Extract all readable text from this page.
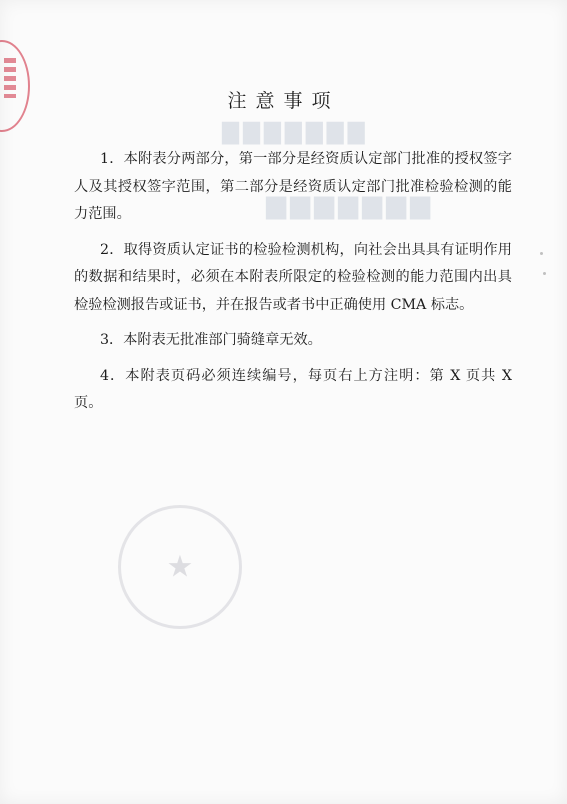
▇▇▇▇▇▇▇
▆▆▆▆▆▆▆
★
注意事项

1．本附表分两部分，第一部分是经资质认定部门批准的授权签字人及其授权签字范围，第二部分是经资质认定部门批准检验检测的能力范围。

2．取得资质认定证书的检验检测机构，向社会出具具有证明作用的数据和结果时，必须在本附表所限定的检验检测的能力范围内出具检验检测报告或证书，并在报告或者书中正确使用 CMA 标志。

3．本附表无批准部门骑缝章无效。

4．本附表页码必须连续编号，每页右上方注明：第 X 页共 X 页。
